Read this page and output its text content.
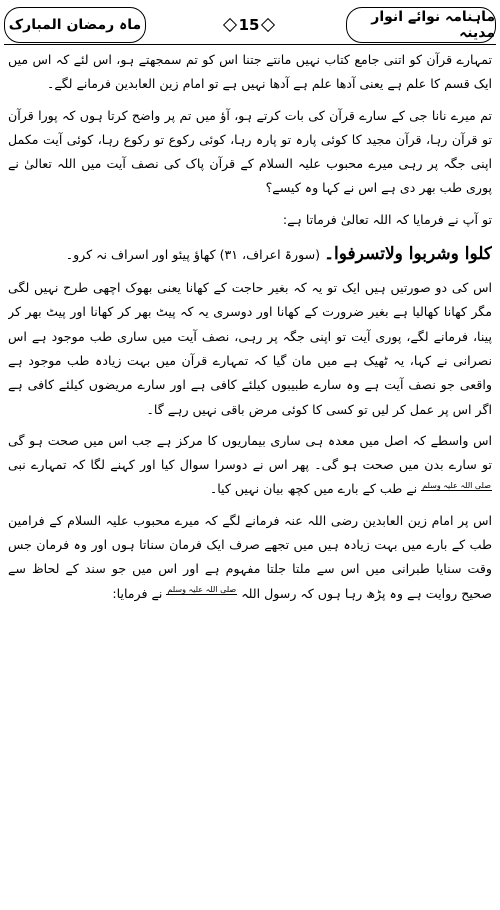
ماہنامہ نوائے انوار مدینہ
15
ماہ رمضان المبارک

تمہارے قرآن کو اتنی جامع کتاب نہیں مانتے جتنا اس کو تم سمجھتے ہو، اس لئے کہ اس میں ایک قسم کا علم ہے یعنی آدھا علم ہے آدھا نہیں ہے تو امام زین العابدین فرمانے لگے۔

تم میرے نانا جی کے سارے قرآن کی بات کرتے ہو، آؤ میں تم پر واضح کرتا ہوں کہ پورا قرآن تو قرآن رہا، قرآن مجید کا کوئی پارہ تو پارہ رہا، کوئی رکوع تو رکوع رہا، کوئی آیت مکمل اپنی جگہ پر رہی میرے محبوب علیہ السلام کے قرآن پاک کی نصف آیت میں اللہ تعالیٰ نے پوری طب بھر دی ہے اس نے کہا وہ کیسے؟

تو آپ نے فرمایا کہ اللہ تعالیٰ فرماتا ہے:

کلوا وشربوا ولاتسرفوا۔ (سورۃ اعراف، ۳۱) کھاؤ پیئو اور اسراف نہ کرو۔

اس کی دو صورتیں ہیں ایک تو یہ کہ بغیر حاجت کے کھانا یعنی بھوک اچھی طرح نہیں لگی مگر کھانا کھالیا ہے بغیر ضرورت کے کھانا اور دوسری یہ کہ پیٹ بھر کر کھانا اور پیٹ بھر کر پینا، فرمانے لگے، پوری آیت تو اپنی جگہ پر رہی، نصف آیت میں ساری طب موجود ہے اس نصرانی نے کہا، یہ ٹھیک ہے میں مان گیا کہ تمہارے قرآن میں بہت زیادہ طب موجود ہے واقعی جو نصف آیت ہے وہ سارے طبیبوں کیلئے کافی ہے اور سارے مریضوں کیلئے کافی ہے اگر اس پر عمل کر لیں تو کسی کا کوئی مرض باقی نہیں رہے گا۔

اس واسطے کہ اصل میں معدہ ہی ساری بیماریوں کا مرکز ہے جب اس میں صحت ہو گی تو سارے بدن میں صحت ہو گی۔ پھر اس نے دوسرا سوال کیا اور کہنے لگا کہ تمہارے نبی صلی اللہ علیہ وسلم نے طب کے بارے میں کچھ بیان نہیں کیا۔

اس پر امام زین العابدین رضی اللہ عنہ فرمانے لگے کہ میرے محبوب علیہ السلام کے فرامین طب کے بارے میں بہت زیادہ ہیں میں تجھے صرف ایک فرمان سناتا ہوں اور وہ فرمان جس وقت سنایا طبرانی میں اس سے ملتا جلتا مفہوم ہے اور اس میں جو سند کے لحاظ سے صحیح روایت ہے وہ پڑھ رہا ہوں کہ رسول اللہ صلی اللہ علیہ وسلم نے فرمایا:
